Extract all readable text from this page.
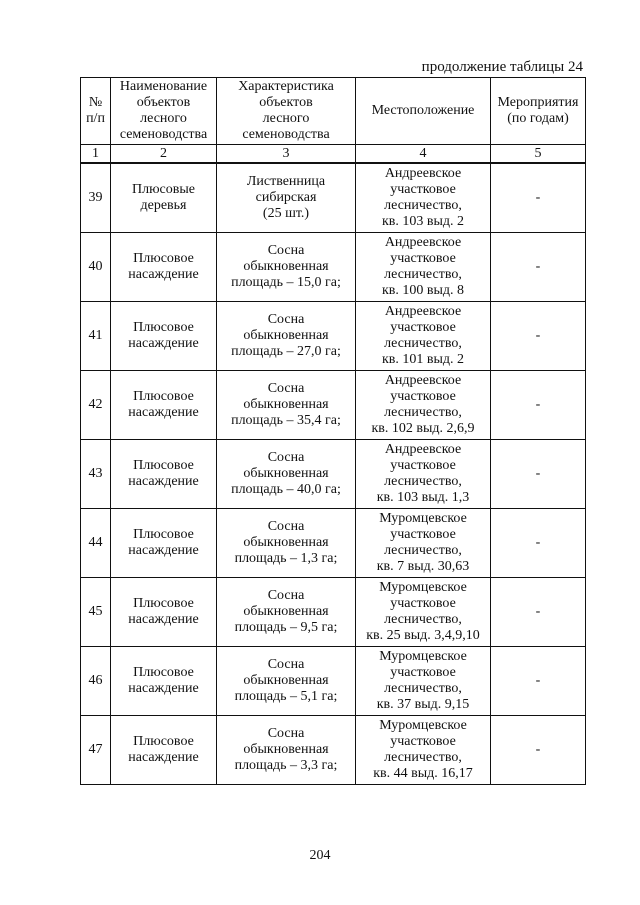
продолжение таблицы 24
№
п/п	Наименование
объектов
лесного
семеноводства	Характеристика
объектов
лесного
семеноводства	Местоположение	Мероприятия
(по годам)
1	2	3	4	5
39	Плюсовые
деревья	Лиственница
сибирская
(25 шт.)	Андреевское
участковое
лесничество,
кв. 103 выд. 2	-
40	Плюсовое
насаждение	Сосна
обыкновенная
площадь – 15,0 га;	Андреевское
участковое
лесничество,
кв. 100 выд. 8	-
41	Плюсовое
насаждение	Сосна
обыкновенная
площадь – 27,0 га;	Андреевское
участковое
лесничество,
кв. 101 выд. 2	-
42	Плюсовое
насаждение	Сосна
обыкновенная
площадь – 35,4 га;	Андреевское
участковое
лесничество,
кв. 102 выд. 2,6,9	-
43	Плюсовое
насаждение	Сосна
обыкновенная
площадь – 40,0 га;	Андреевское
участковое
лесничество,
кв. 103 выд. 1,3	-
44	Плюсовое
насаждение	Сосна
обыкновенная
площадь – 1,3 га;	Муромцевское
участковое
лесничество,
кв. 7 выд. 30,63	-
45	Плюсовое
насаждение	Сосна
обыкновенная
площадь – 9,5 га;	Муромцевское
участковое
лесничество,
кв. 25 выд. 3,4,9,10	-
46	Плюсовое
насаждение	Сосна
обыкновенная
площадь – 5,1 га;	Муромцевское
участковое
лесничество,
кв. 37 выд. 9,15	-
47	Плюсовое
насаждение	Сосна
обыкновенная
площадь – 3,3 га;	Муромцевское
участковое
лесничество,
кв. 44 выд. 16,17	-
204
